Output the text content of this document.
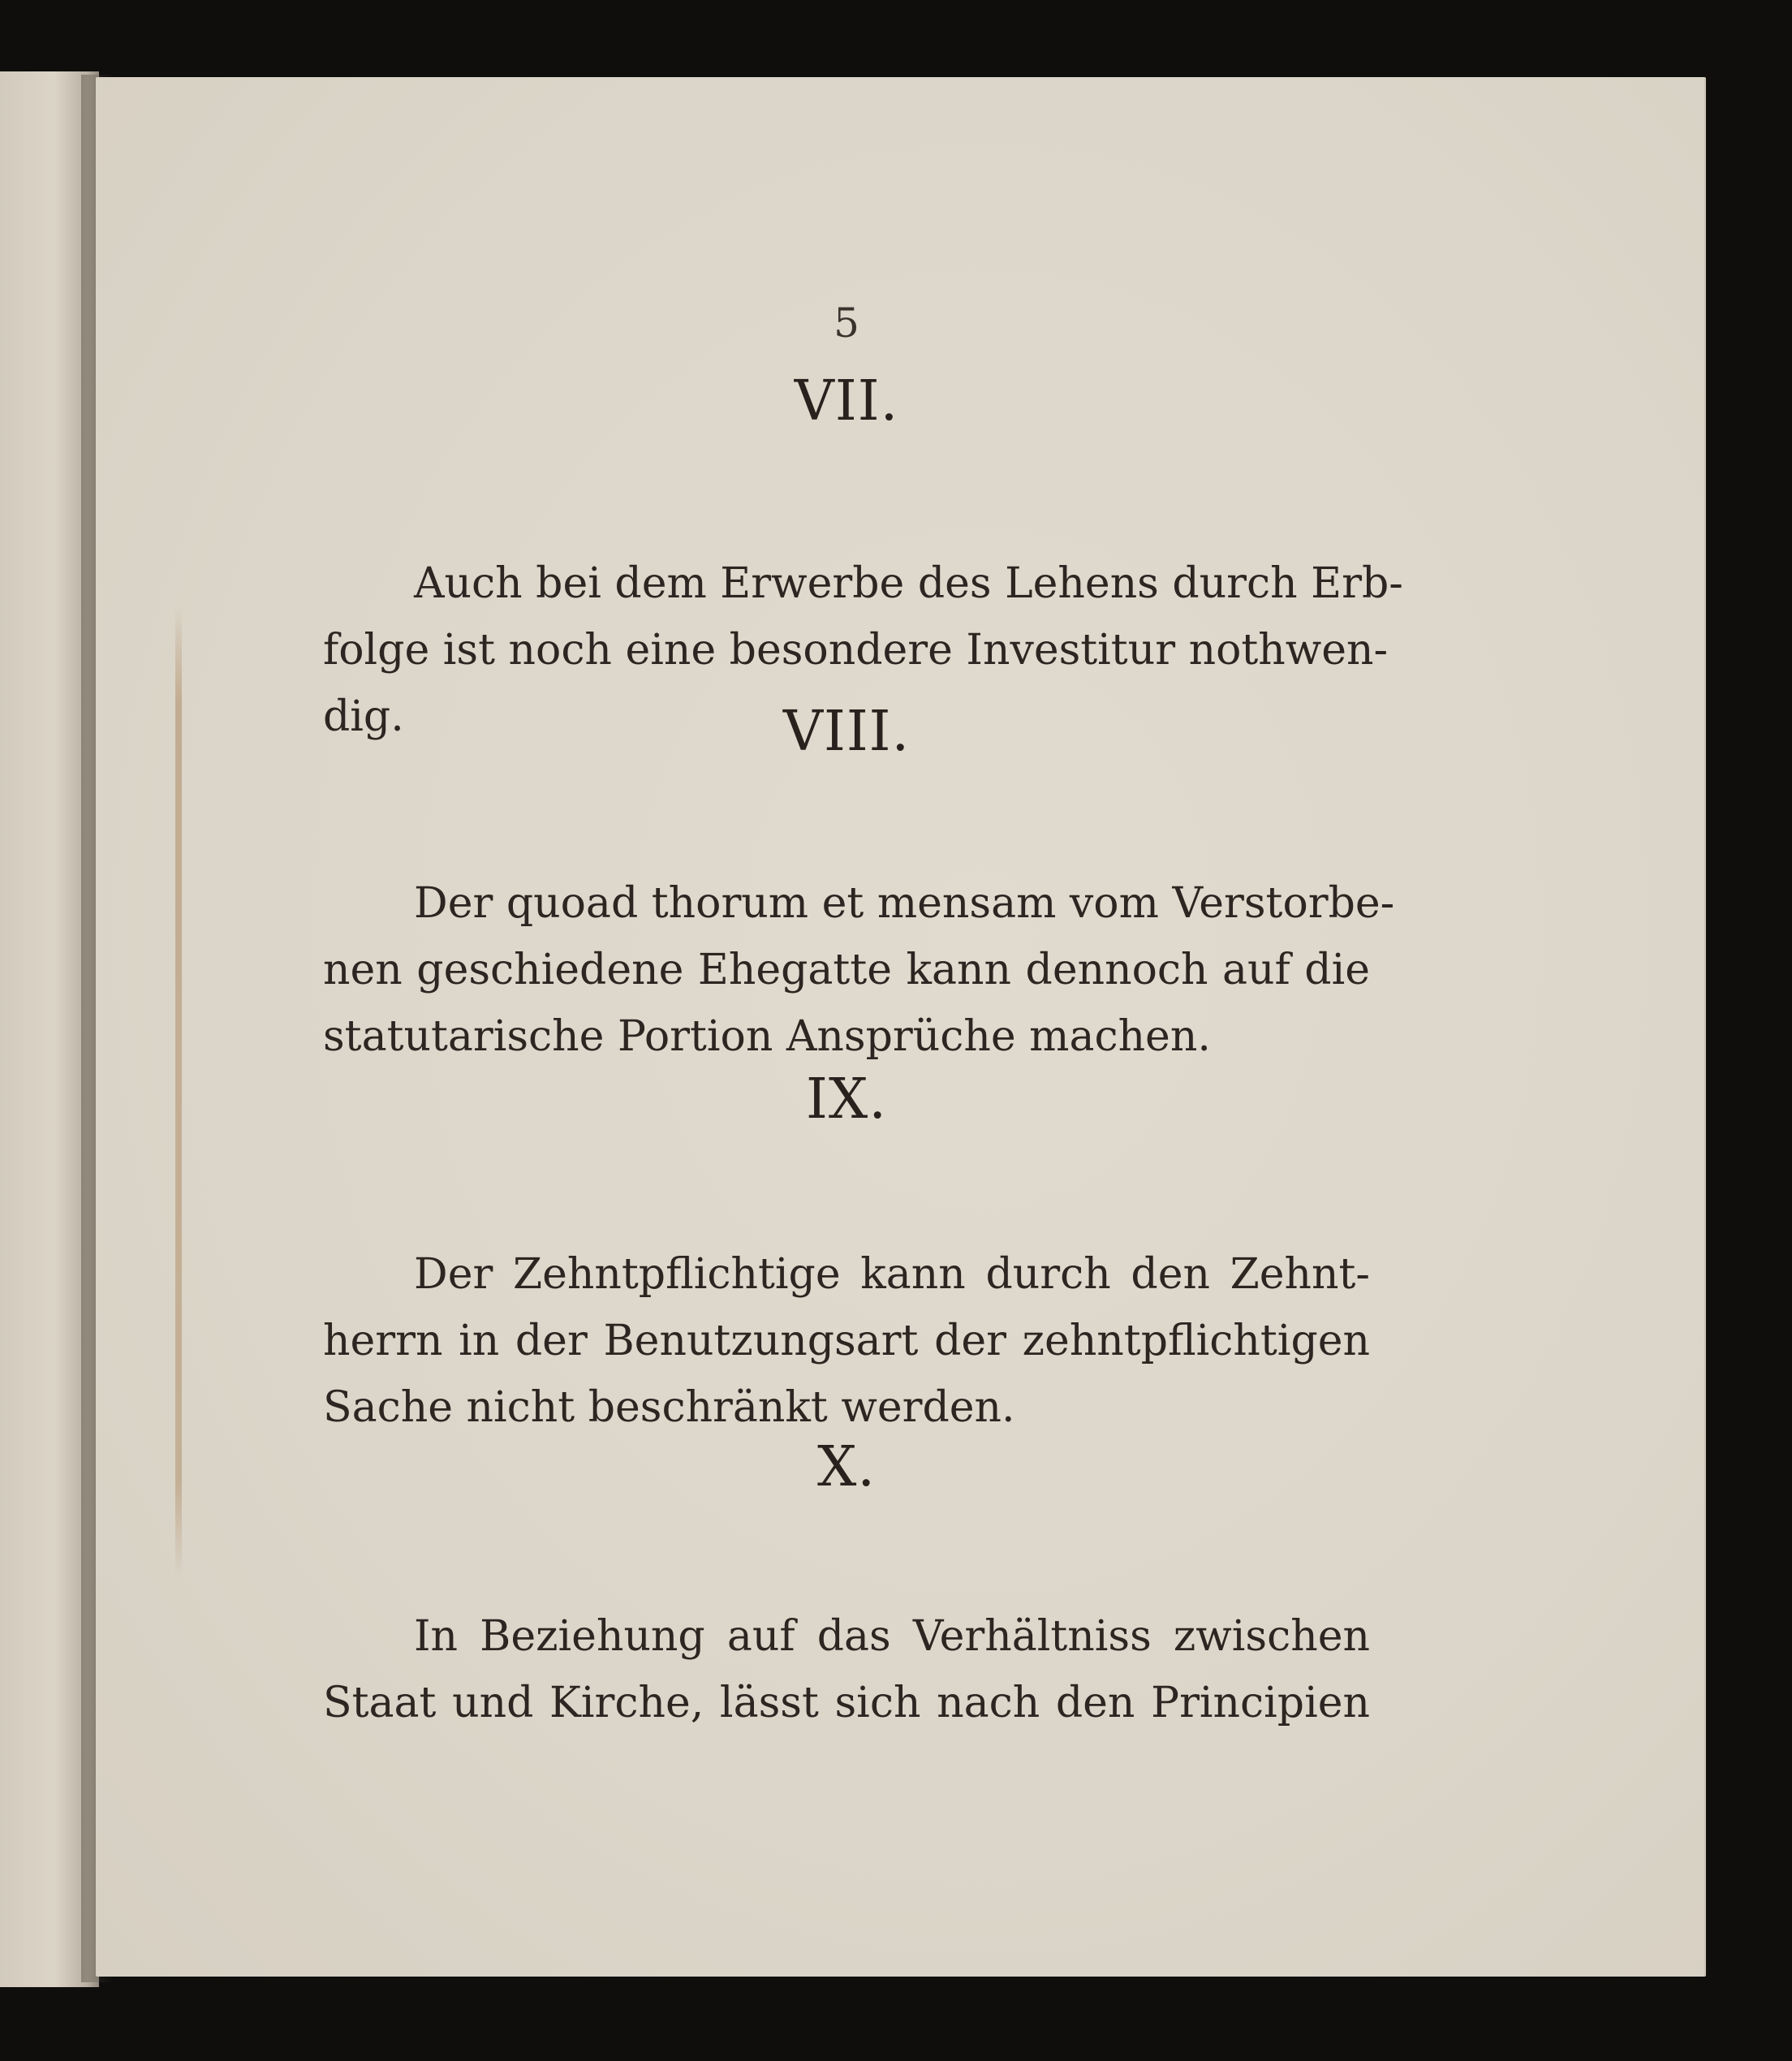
5
VII.
Auch bei dem Erwerbe des Lehens durch Erb-
folge ist noch eine besondere Investitur nothwen-
dig.	VIII.
Der quoad thorum et mensam vom Verstorbe-
nen geschiedene Ehegatte kann dennoch auf die
statutarische Portion Ansprüche machen.
IX.
Der Zehntpflichtige kann durch den Zehnt-
herrn in der Benutzungsart der zehntpflichtigen
Sache nicht beschränkt werden.
X.
In Beziehung auf das Verhältniss zwischen
Staat und Kirche, lässt sich nach den Principien
